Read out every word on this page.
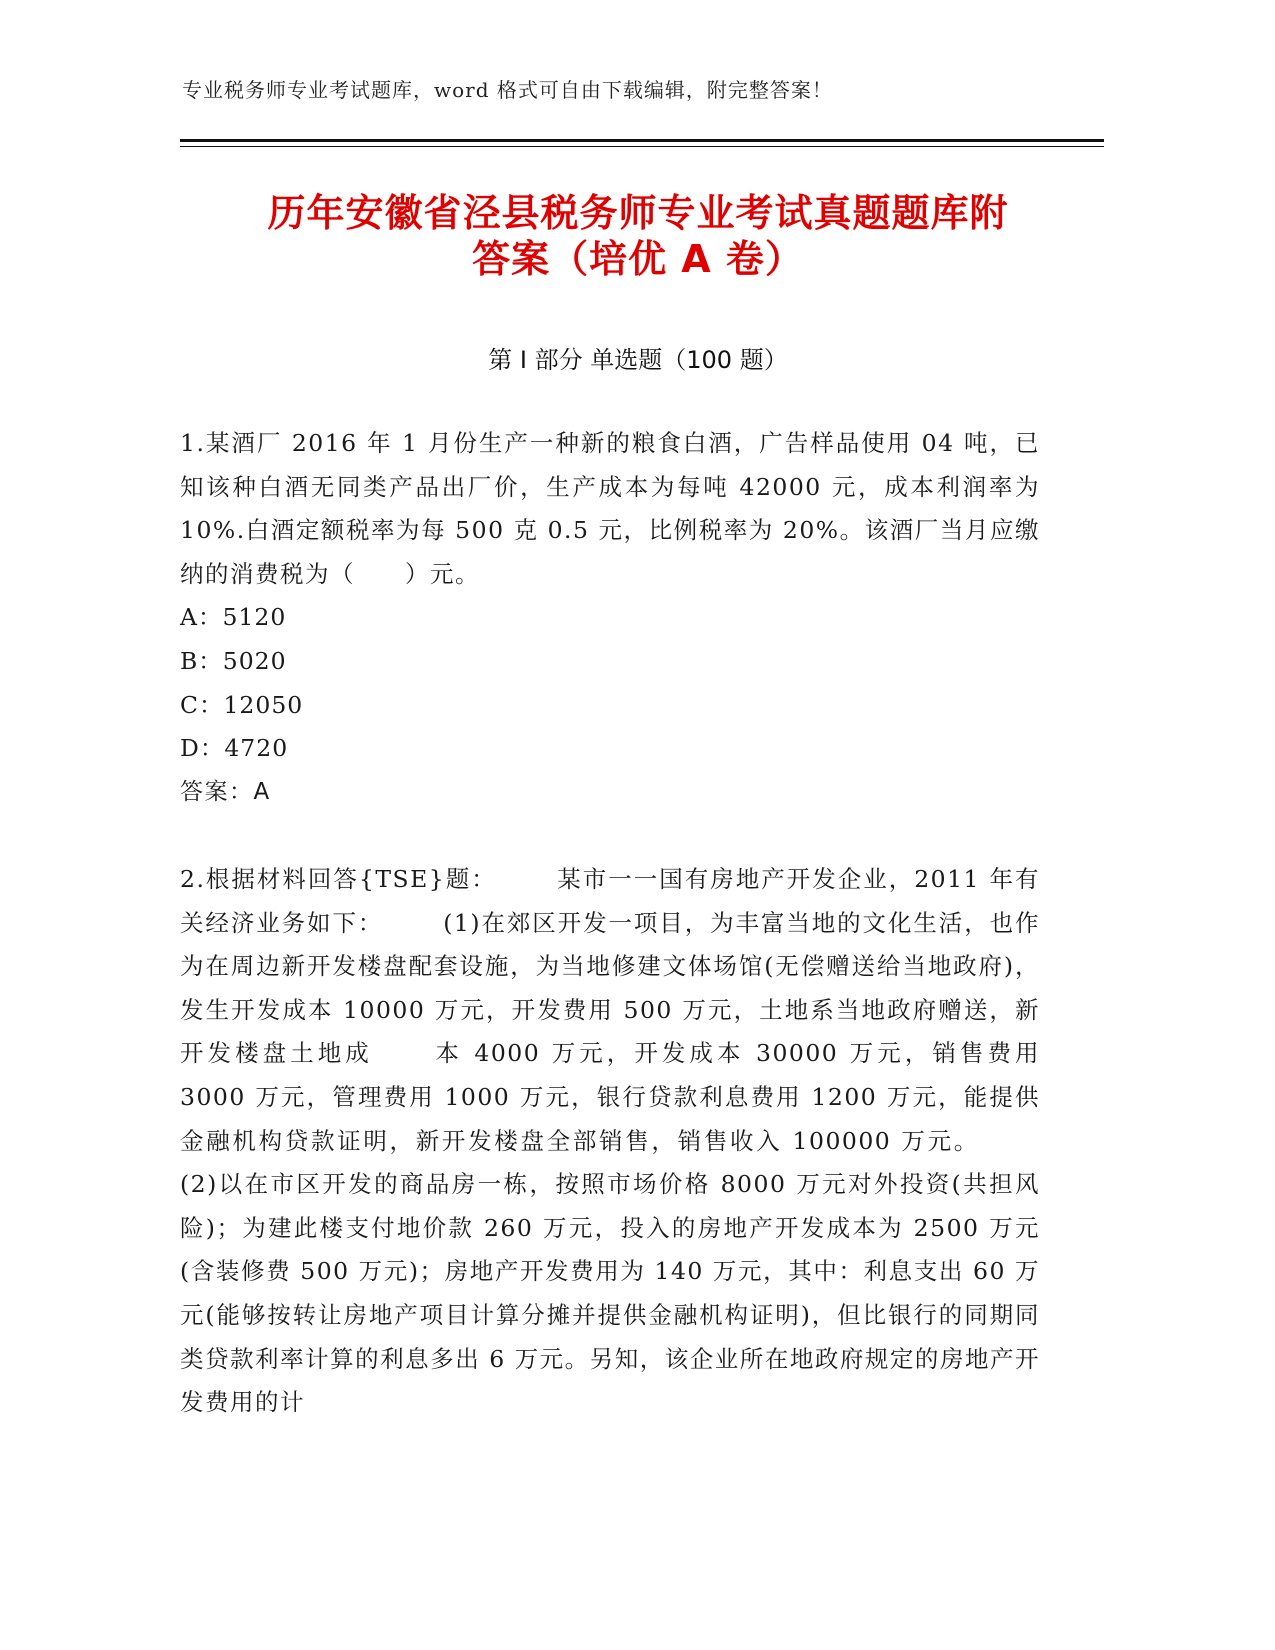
专业税务师专业考试题库，word 格式可自由下载编辑，附完整答案！
历年安徽省泾县税务师专业考试真题题库附
答案（培优 A 卷）
第 I 部分 单选题（100 题）
1.某酒厂 2016 年 1 月份生产一种新的粮食白酒，广告样品使用 04 吨，已知该种白酒无同类产品出厂价，生产成本为每吨 42000 元，成本利润率为 10%.白酒定额税率为每 500 克 0.5 元，比例税率为 20%。该酒厂当月应缴纳的消费税为（　　）元。
A：5120
B：5020
C：12050
D：4720
答案：A
2.根据材料回答{TSE}题：	某市一一国有房地产开发企业，2011 年有关经济业务如下：	(1)在郊区开发一项目，为丰富当地的文化生活，也作为在周边新开发楼盘配套设施，为当地修建文体场馆(无偿赠送给当地政府)，发生开发成本 10000 万元，开发费用 500 万元，土地系当地政府赠送，新开发楼盘土地成	本 4000 万元，开发成本 30000 万元，销售费用 3000 万元，管理费用 1000 万元，银行贷款利息费用 1200 万元，能提供金融机构贷款证明，新开发楼盘全部销售，销售收入 100000 万元。(2)以在市区开发的商品房一栋，按照市场价格 8000 万元对外投资(共担风险)；为建此楼支付地价款 260 万元，投入的房地产开发成本为 2500 万元(含装修费 500 万元)；房地产开发费用为 140 万元，其中：利息支出 60 万元(能够按转让房地产项目计算分摊并提供金融机构证明)，但比银行的同期同类贷款利率计算的利息多出 6 万元。另知，该企业所在地政府规定的房地产开发费用的计
